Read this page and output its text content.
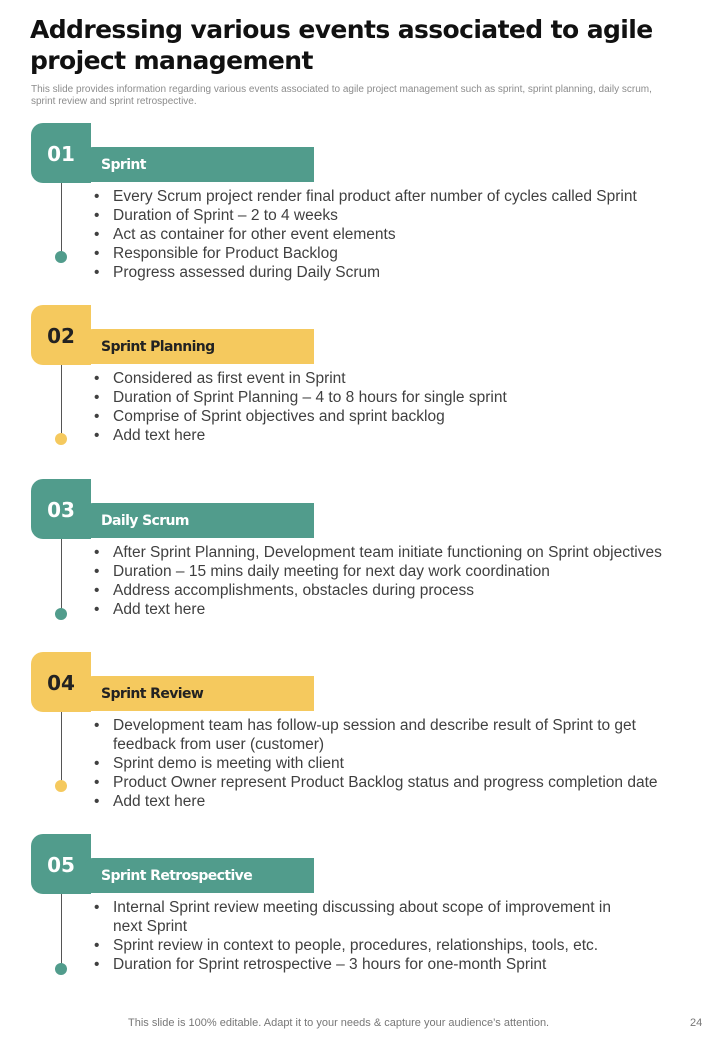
Addressing various events associated to agile project management

This slide provides information regarding various events associated to agile project management such as sprint, sprint planning, daily scrum, sprint review and sprint retrospective.

01	Sprint
• Every Scrum project render final product after number of cycles called Sprint
• Duration of Sprint – 2 to 4 weeks
• Act as container for other event elements
• Responsible for Product Backlog
• Progress assessed during Daily Scrum
02	Sprint Planning
• Considered as first event in Sprint
• Duration of Sprint Planning – 4 to 8 hours for single sprint
• Comprise of Sprint objectives and sprint backlog
• Add text here
03	Daily Scrum
• After Sprint Planning, Development team initiate functioning on Sprint objectives
• Duration – 15 mins daily meeting for next day work coordination
• Address accomplishments, obstacles during process
• Add text here
04	Sprint Review
• Development team has follow-up session and describe result of Sprint to get feedback from user (customer)
• Sprint demo is meeting with client
• Product Owner represent Product Backlog status and progress completion date
• Add text here
05	Sprint Retrospective
• Internal Sprint review meeting discussing about scope of improvement in next Sprint
• Sprint review in context to people, procedures, relationships, tools, etc.
• Duration for Sprint retrospective – 3 hours for one-month Sprint
This slide is 100% editable. Adapt it to your needs & capture your audience’s attention.	24
